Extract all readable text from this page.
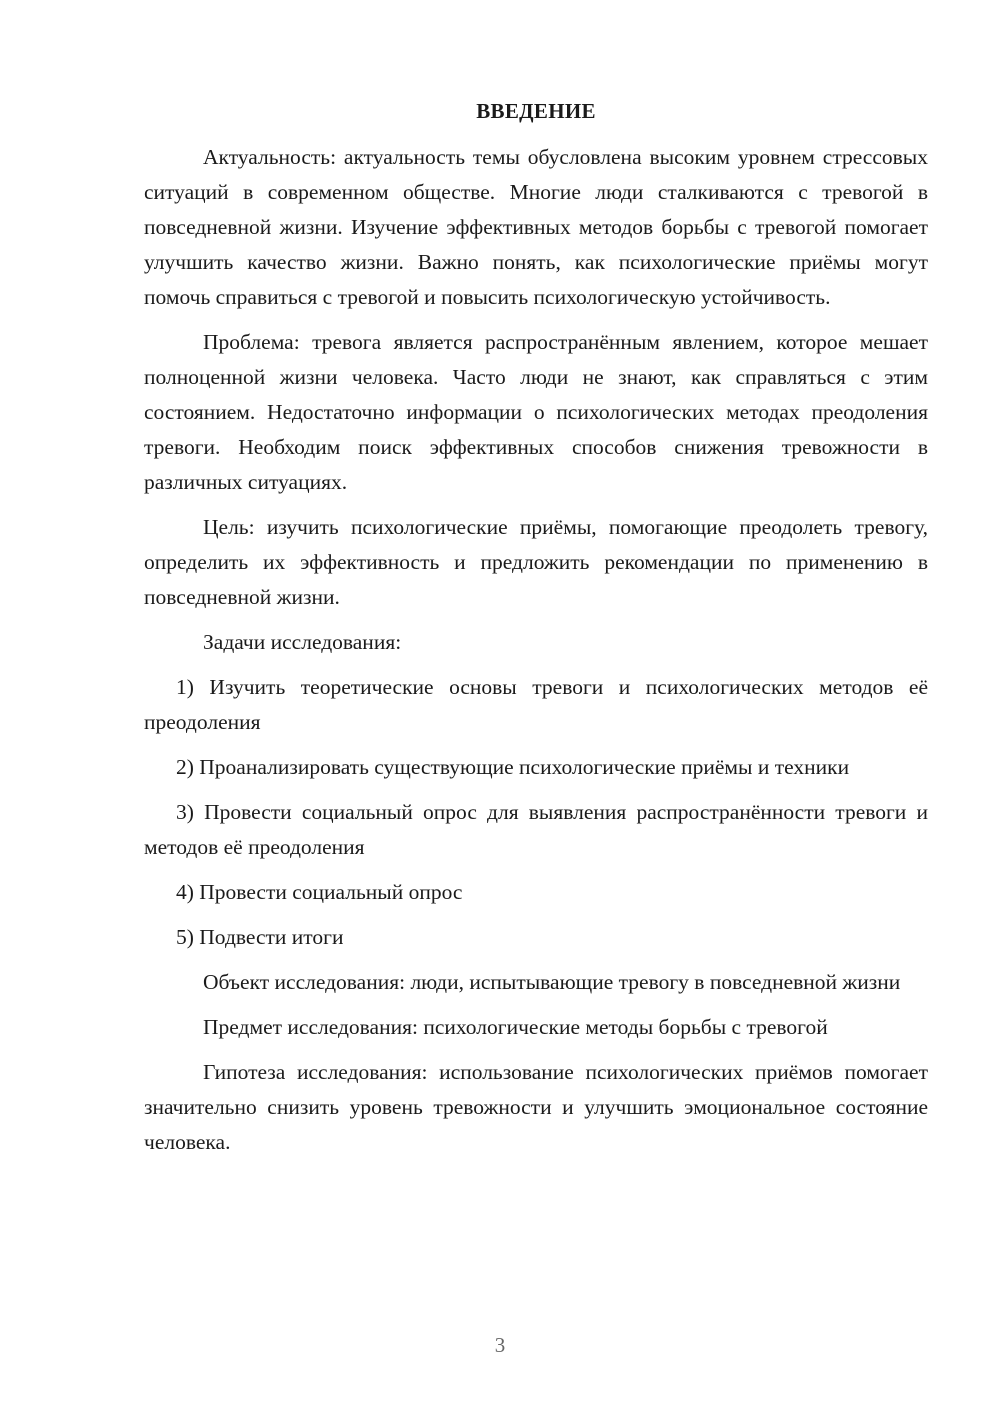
ВВЕДЕНИЕ

Актуальность: актуальность темы обусловлена высоким уровнем стрессовых ситуаций в современном обществе. Многие люди сталкиваются с тревогой в повседневной жизни. Изучение эффективных методов борьбы с тревогой помогает улучшить качество жизни. Важно понять, как психологические приёмы могут помочь справиться с тревогой и повысить психологическую устойчивость.

Проблема: тревога является распространённым явлением, которое мешает полноценной жизни человека. Часто люди не знают, как справляться с этим состоянием. Недостаточно информации о психологических методах преодоления тревоги. Необходим поиск эффективных способов снижения тревожности в различных ситуациях.

Цель: изучить психологические приёмы, помогающие преодолеть тревогу, определить их эффективность и предложить рекомендации по применению в повседневной жизни.

Задачи исследования:

1) Изучить теоретические основы тревоги и психологических методов её преодоления

2) Проанализировать существующие психологические приёмы и техники

3) Провести социальный опрос для выявления распространённости тревоги и методов её преодоления

4) Провести социальный опрос

5) Подвести итоги

Объект исследования: люди, испытывающие тревогу в повседневной жизни

Предмет исследования: психологические методы борьбы с тревогой

Гипотеза исследования: использование психологических приёмов помогает значительно снизить уровень тревожности и улучшить эмоциональное состояние человека.

3
